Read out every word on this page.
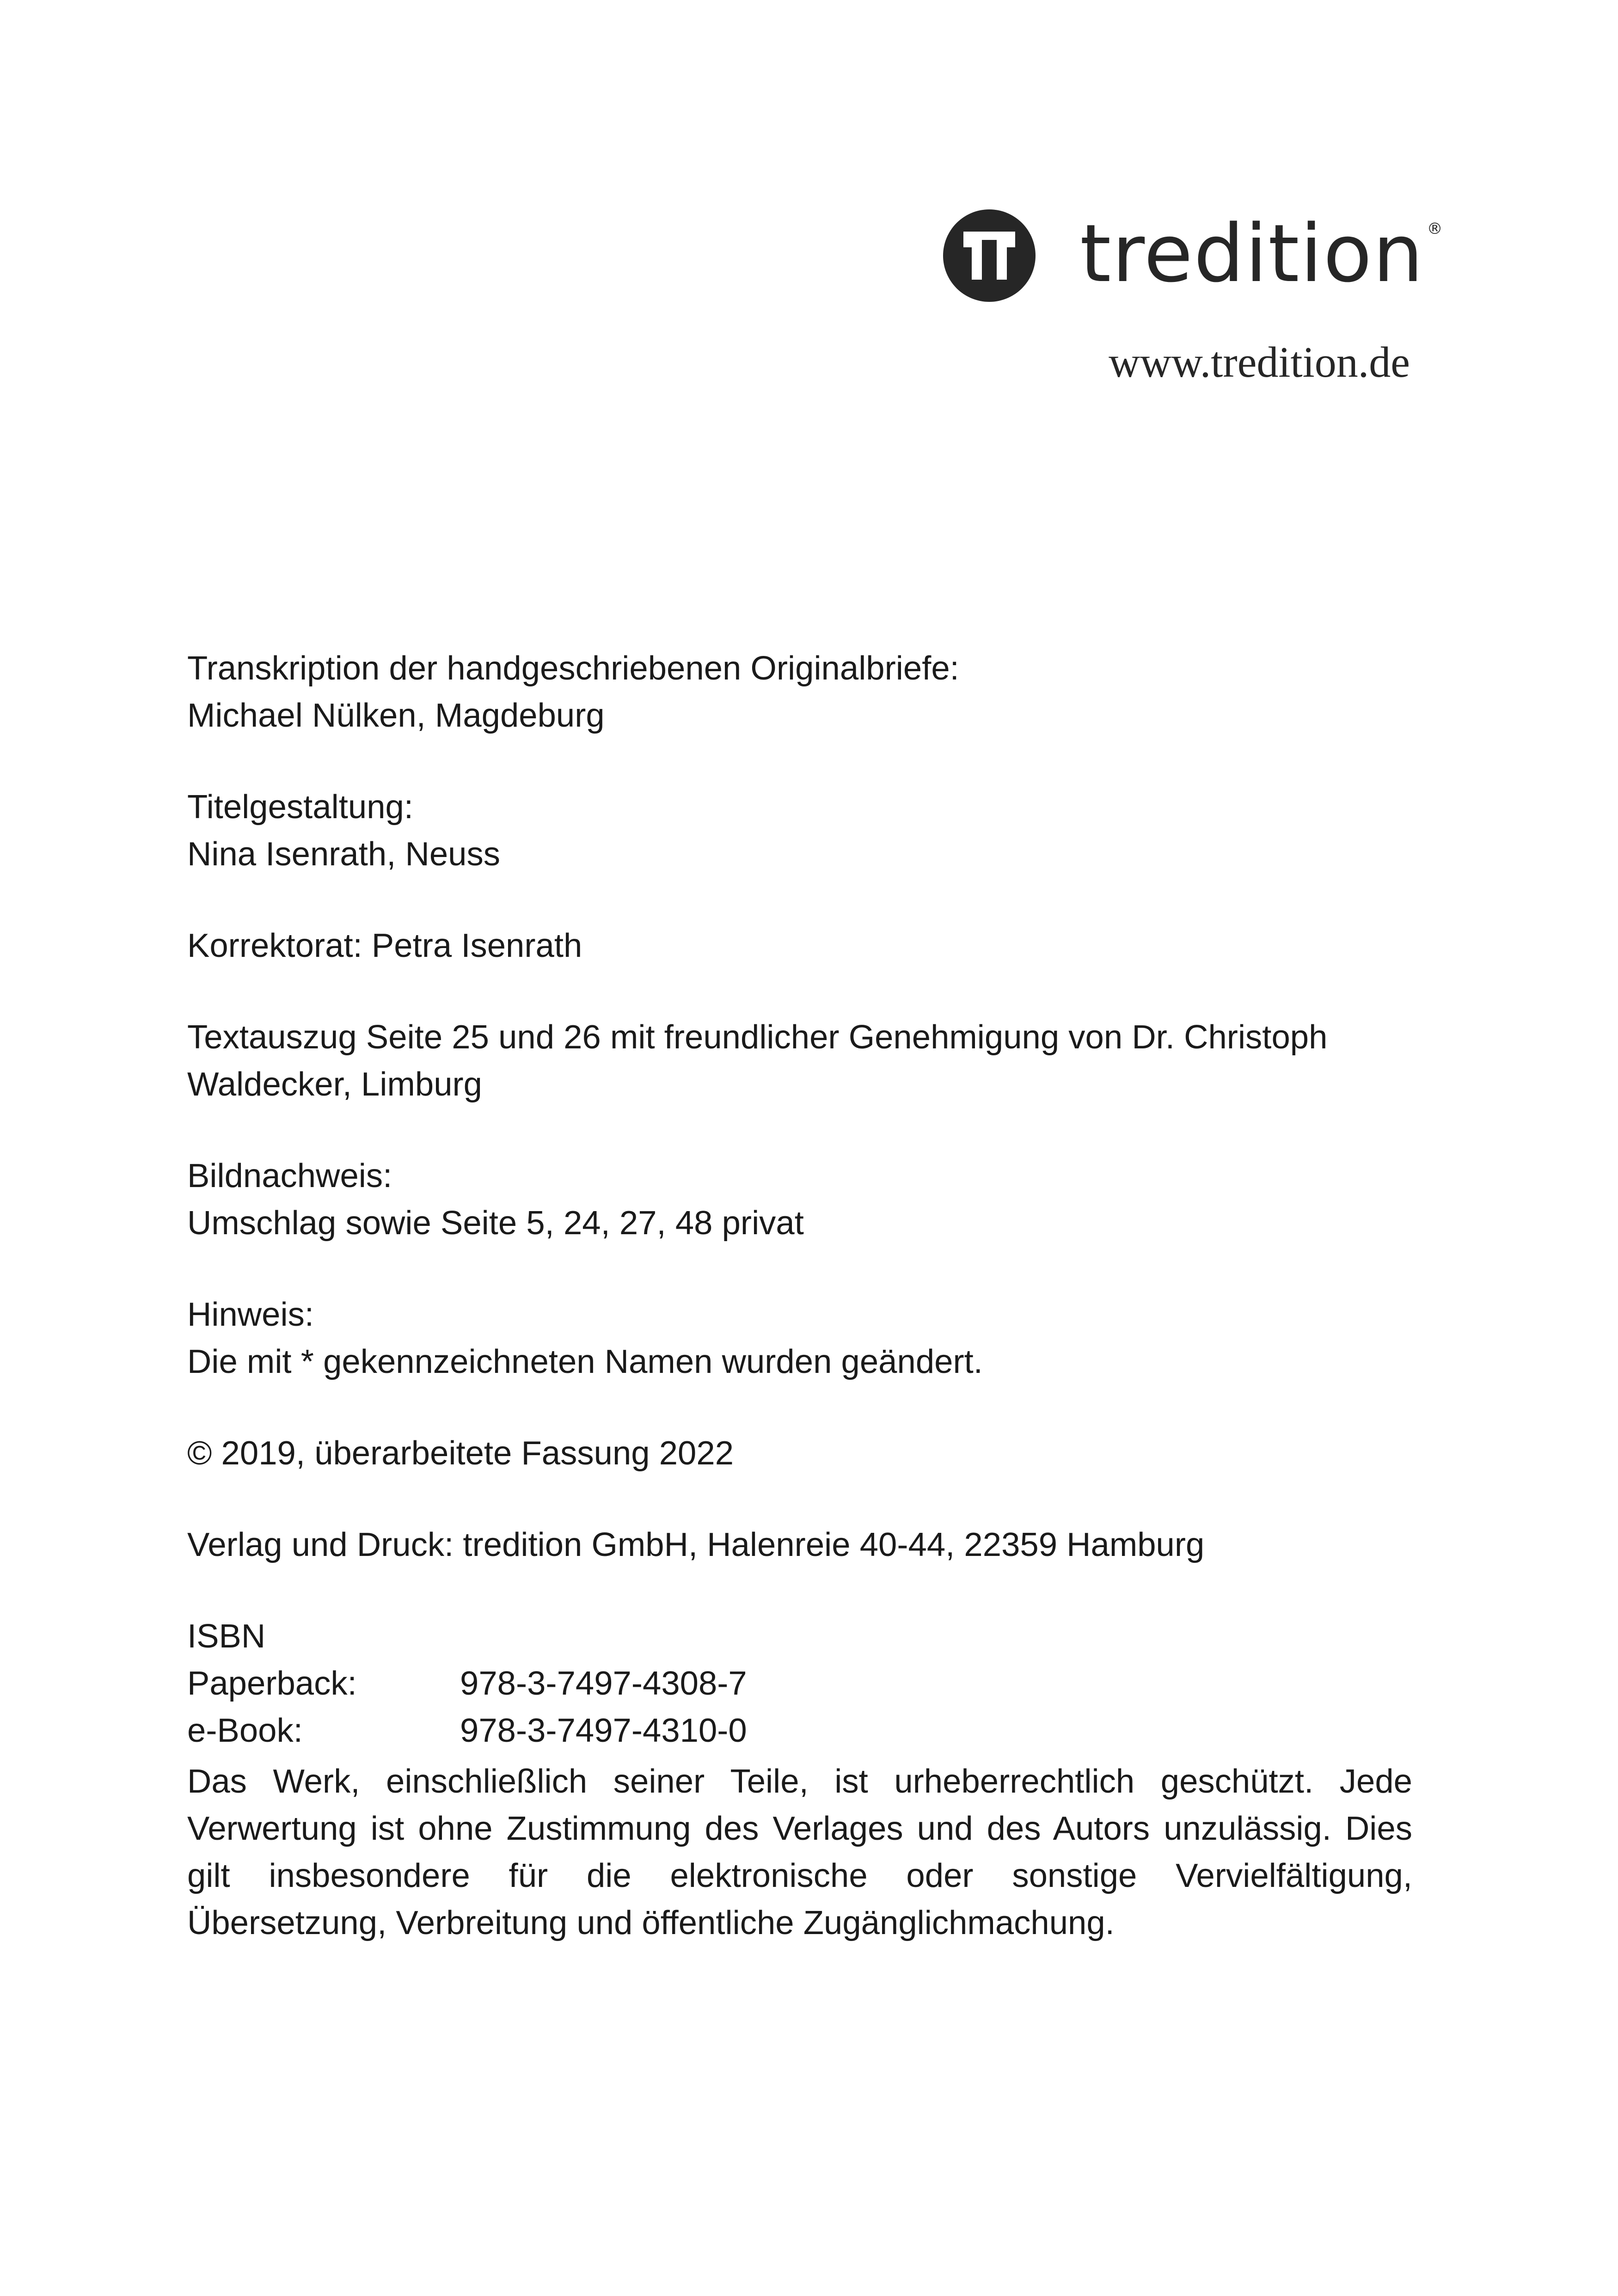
tredition ®
www.tredition.de
Transkription der handgeschriebenen Originalbriefe:
Michael Nülken, Magdeburg
Titelgestaltung:
Nina Isenrath, Neuss
Korrektorat: Petra Isenrath
Textauszug Seite 25 und 26 mit freundlicher Genehmigung von Dr. Christoph
Waldecker, Limburg
Bildnachweis:
Umschlag sowie Seite 5, 24, 27, 48 privat
Hinweis:
Die mit * gekennzeichneten Namen wurden geändert.
© 2019, überarbeitete Fassung 2022
Verlag und Druck: tredition GmbH, Halenreie 40-44, 22359 Hamburg
ISBN
Paperback:	978-3-7497-4308-7
e-Book:	978-3-7497-4310-0
Das Werk, einschließlich seiner Teile, ist urheberrechtlich geschützt. Jede Verwertung ist ohne Zustimmung des Verlages und des Autors unzulässig. Dies gilt insbesondere für die elektronische oder sonstige Vervielfältigung, Übersetzung, Verbreitung und öffentliche Zugänglichmachung.
